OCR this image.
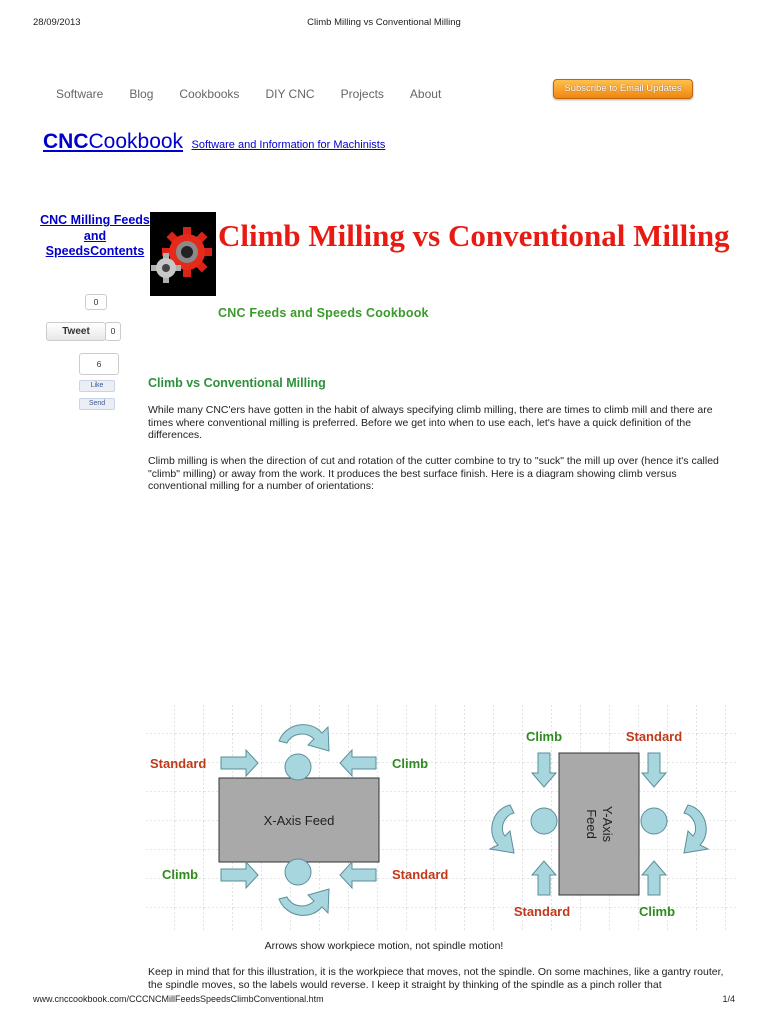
28/09/2013	Climb Milling vs Conventional Milling
Software Blog Cookbooks DIY CNC Projects About	Subscribe to Email Updates
CNCCookbook Software and Information for Machinists
CNC Milling Feeds and SpeedsContents Climb Milling vs Conventional Milling
CNC Feeds and Speeds Cookbook
0
Tweet	0
6
Like
Send
Climb vs Conventional Milling

While many CNC'ers have gotten in the habit of always specifying climb milling, there are times to climb mill and there are times where conventional milling is preferred. Before we get into when to use each, let's have a quick definition of the differences.

Climb milling is when the direction of cut and rotation of the cutter combine to try to "suck" the mill up over (hence it's called "climb" milling) or away from the work. It produces the best surface finish. Here is a diagram showing climb versus conventional milling for a number of orientations:

X-Axis Feed
Standard	Climb
Climb	Standard
Y-Axis
Feed
Climb	Standard
Standard	Climb
Arrows show workpiece motion, not spindle motion!

Keep in mind that for this illustration, it is the workpiece that moves, not the spindle. On some machines, like a gantry router, the spindle moves, so the labels would reverse. I keep it straight by thinking of the spindle as a pinch roller that

www.cnccookbook.com/CCCNCMillFeedsSpeedsClimbConventional.htm	1/4
